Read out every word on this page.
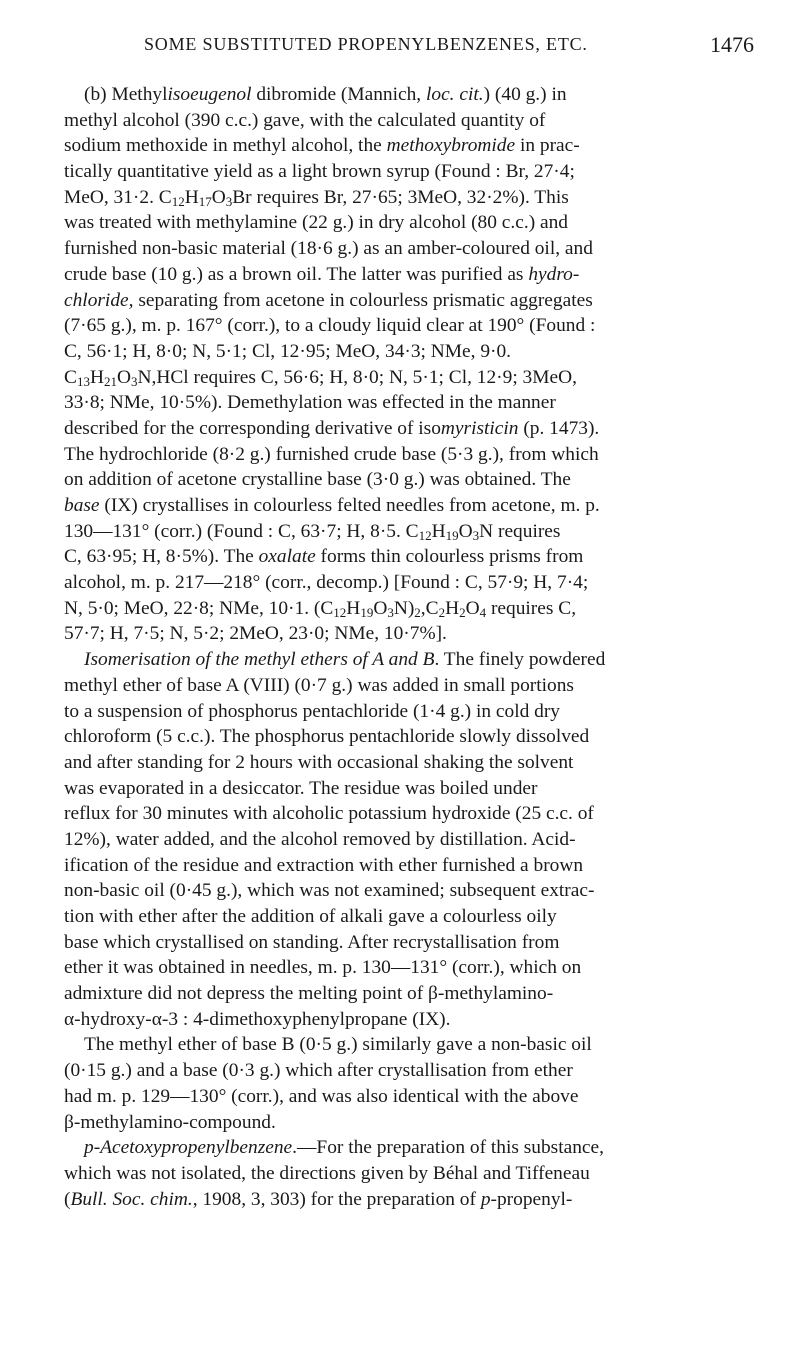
SOME SUBSTITUTED PROPENYLBENZENES, ETC.	1476
(b) Methylisoeugenol dibromide (Mannich, loc. cit.) (40 g.) in
methyl alcohol (390 c.c.) gave, with the calculated quantity of
sodium methoxide in methyl alcohol, the methoxybromide in prac-
tically quantitative yield as a light brown syrup (Found : Br, 27·4;
MeO, 31·2. $C_{12}H_{17}O_3Br$ requires Br, 27·65; 3MeO, 32·2%). This
was treated with methylamine (22 g.) in dry alcohol (80 c.c.) and
furnished non-basic material (18·6 g.) as an amber-coloured oil, and
crude base (10 g.) as a brown oil. The latter was purified as hydro-
chloride, separating from acetone in colourless prismatic aggregates
(7·65 g.), m. p. 167° (corr.), to a cloudy liquid clear at 190° (Found :
C, 56·1; H, 8·0; N, 5·1; Cl, 12·95; MeO, 34·3; NMe, 9·0.
$C_{13}H_{21}O_3N,HCl$ requires C, 56·6; H, 8·0; N, 5·1; Cl, 12·9; 3MeO,
33·8; NMe, 10·5%). Demethylation was effected in the manner
described for the corresponding derivative of isomyristicin (p. 1473).
The hydrochloride (8·2 g.) furnished crude base (5·3 g.), from which
on addition of acetone crystalline base (3·0 g.) was obtained. The
base (IX) crystallises in colourless felted needles from acetone, m. p.
130—131° (corr.) (Found : C, 63·7; H, 8·5. $C_{12}H_{19}O_3N$ requires
C, 63·95; H, 8·5%). The oxalate forms thin colourless prisms from
alcohol, m. p. 217—218° (corr., decomp.) [Found : C, 57·9; H, 7·4;
N, 5·0; MeO, 22·8; NMe, 10·1. $(C_{12}H_{19}O_3N)_2,C_2H_2O_4$ requires C,
57·7; H, 7·5; N, 5·2; 2MeO, 23·0; NMe, 10·7%].
Isomerisation of the methyl ethers of A and B. The finely powdered
methyl ether of base A (VIII) (0·7 g.) was added in small portions
to a suspension of phosphorus pentachloride (1·4 g.) in cold dry
chloroform (5 c.c.). The phosphorus pentachloride slowly dissolved
and after standing for 2 hours with occasional shaking the solvent
was evaporated in a desiccator. The residue was boiled under
reflux for 30 minutes with alcoholic potassium hydroxide (25 c.c. of
12%), water added, and the alcohol removed by distillation. Acid-
ification of the residue and extraction with ether furnished a brown
non-basic oil (0·45 g.), which was not examined; subsequent extrac-
tion with ether after the addition of alkali gave a colourless oily
base which crystallised on standing. After recrystallisation from
ether it was obtained in needles, m. p. 130—131° (corr.), which on
admixture did not depress the melting point of β-methylamino-
α-hydroxy-α-3 : 4-dimethoxyphenylpropane (IX).
The methyl ether of base B (0·5 g.) similarly gave a non-basic oil
(0·15 g.) and a base (0·3 g.) which after crystallisation from ether
had m. p. 129—130° (corr.), and was also identical with the above
β-methylamino-compound.
p-Acetoxypropenylbenzene.—For the preparation of this substance,
which was not isolated, the directions given by Béhal and Tiffeneau
(Bull. Soc. chim., 1908, 3, 303) for the preparation of p-propenyl-
